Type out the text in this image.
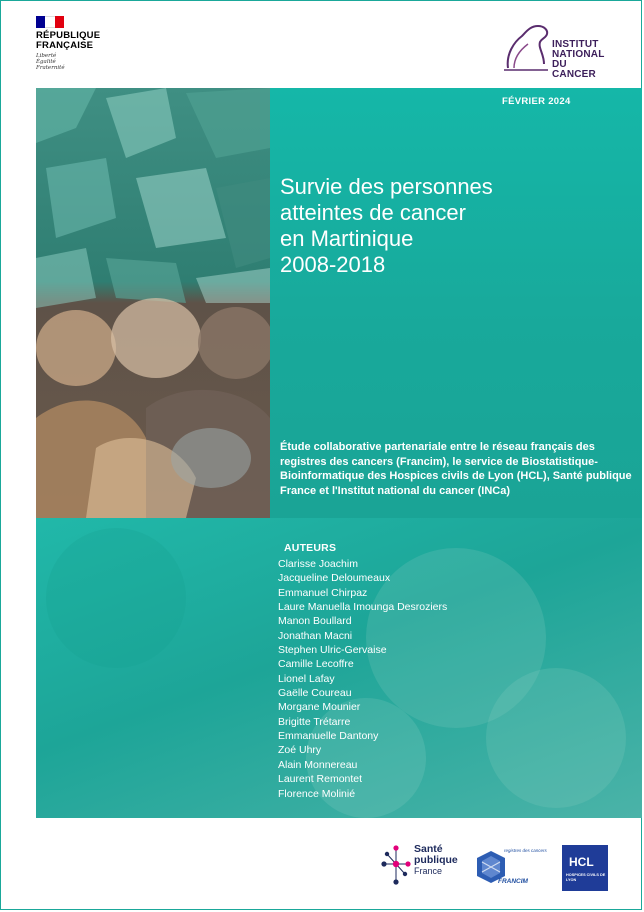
RÉPUBLIQUE
FRANÇAISE
Liberté
Égalité
Fraternité
INSTITUT
NATIONAL
DU CANCER
FÉVRIER 2024
Survie des personnes
atteintes de cancer
en Martinique
2008-2018
Étude collaborative partenariale entre le réseau français des registres des cancers (Francim), le service de Biostatistique-Bioinformatique des Hospices civils de Lyon (HCL), Santé publique France et l'Institut national du cancer (INCa)
AUTEURS
Clarisse Joachim
Jacqueline Deloumeaux
Emmanuel Chirpaz
Laure Manuella Imounga Desroziers
Manon Boullard
Jonathan Macni
Stephen Ulric-Gervaise
Camille Lecoffre
Lionel Lafay
Gaëlle Coureau
Morgane Mounier
Brigitte Trétarre
Emmanuelle Dantony
Zoé Uhry
Alain Monnereau
Laurent Remontet
Florence Molinié
Santé
publique
France
registres des cancers
FRANCIM
HCL
HOSPICES CIVILS DE LYON
